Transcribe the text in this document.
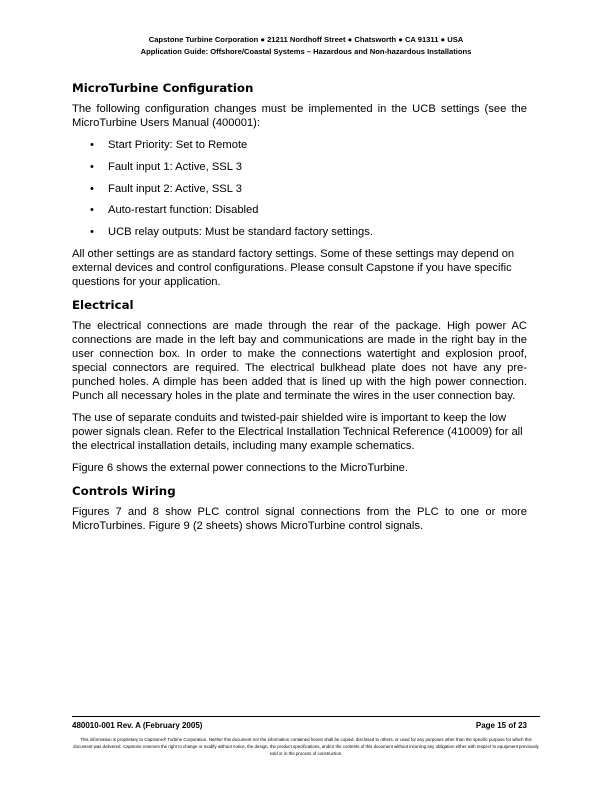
Capstone Turbine Corporation ● 21211 Nordhoff Street ● Chatsworth ● CA 91311 ● USA
Application Guide: Offshore/Coastal Systems – Hazardous and Non-hazardous Installations
MicroTurbine Configuration

The following configuration changes must be implemented in the UCB settings (see the MicroTurbine Users Manual (400001):

• Start Priority: Set to Remote
• Fault input 1: Active, SSL 3
• Fault input 2: Active, SSL 3
• Auto-restart function: Disabled
• UCB relay outputs: Must be standard factory settings.

All other settings are as standard factory settings. Some of these settings may depend on external devices and control configurations. Please consult Capstone if you have specific questions for your application.

Electrical

The electrical connections are made through the rear of the package. High power AC connections are made in the left bay and communications are made in the right bay in the user connection box. In order to make the connections watertight and explosion proof, special connectors are required. The electrical bulkhead plate does not have any pre-punched holes. A dimple has been added that is lined up with the high power connection. Punch all necessary holes in the plate and terminate the wires in the user connection bay.

The use of separate conduits and twisted-pair shielded wire is important to keep the low power signals clean. Refer to the Electrical Installation Technical Reference (410009) for all the electrical installation details, including many example schematics.

Figure 6 shows the external power connections to the MicroTurbine.

Controls Wiring

Figures 7 and 8 show PLC control signal connections from the PLC to one or more MicroTurbines. Figure 9 (2 sheets) shows MicroTurbine control signals.

480010-001 Rev. A (February 2005)	Page 15 of 23
This information is proprietary to Capstone® Turbine Corporation. Neither this document nor the information contained herein shall be copied, disclosed to others, or used for any purposes other than the specific purpose for which this document was delivered. Capstone reserves the right to change or modify without notice, the design, the product specifications, and/or the contents of this document without incurring any obligation either with respect to equipment previously sold or in the process of construction.
